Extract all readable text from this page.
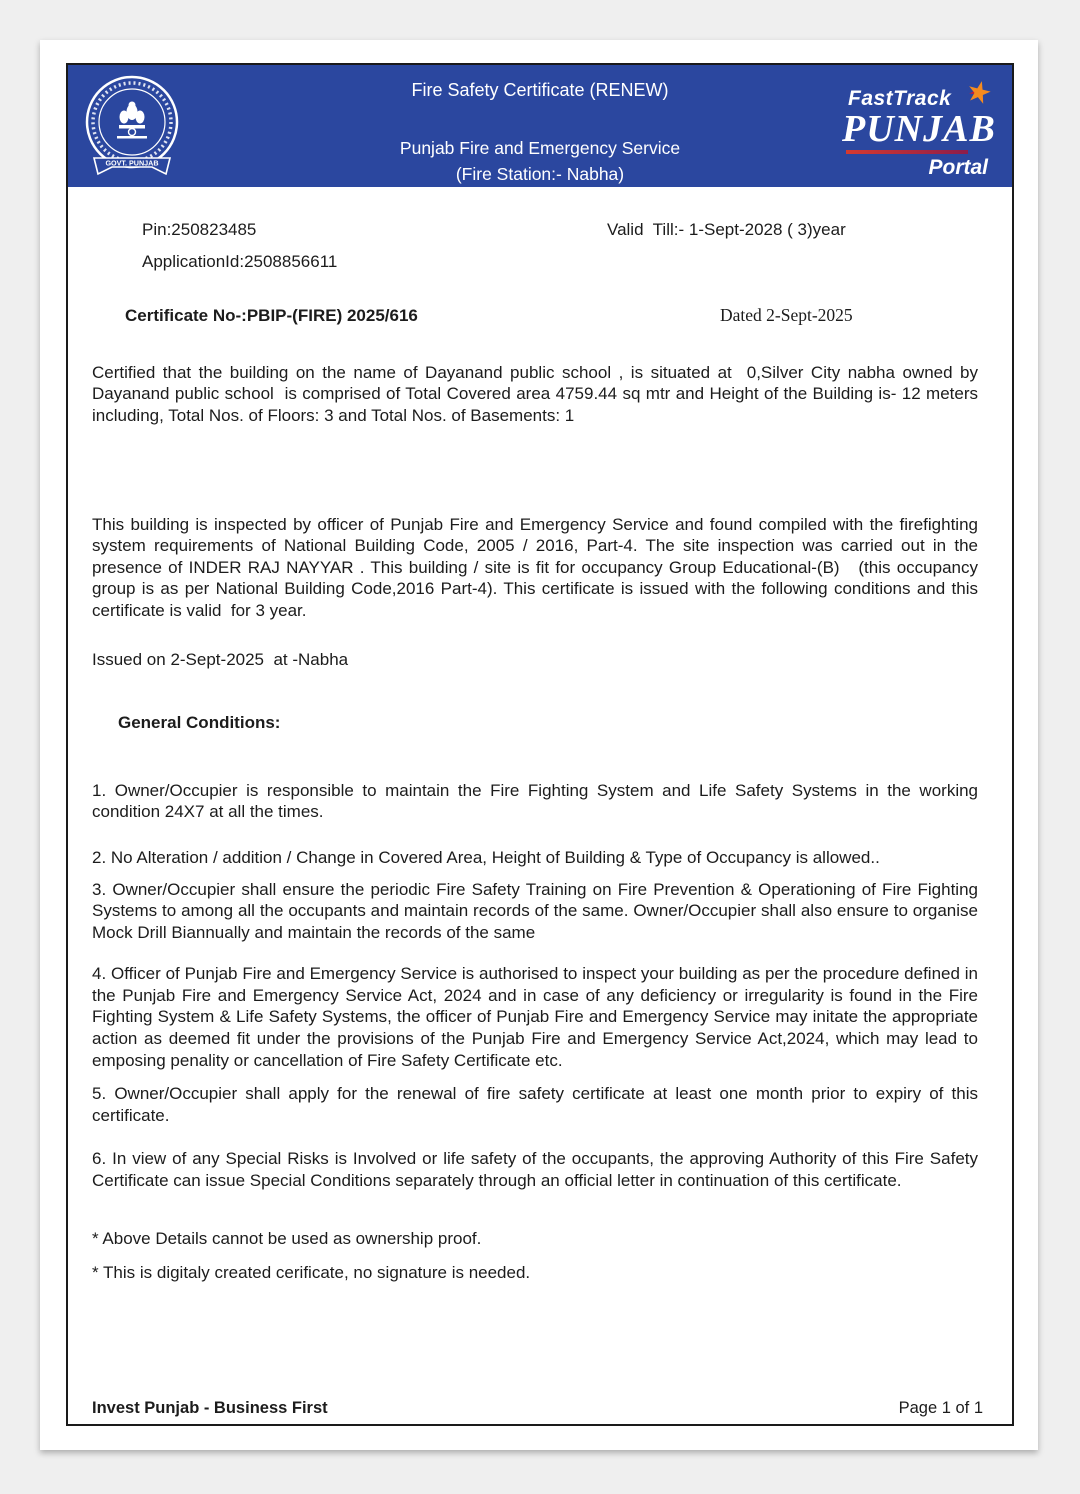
GOVT. PUNJAB
Fire Safety Certificate (RENEW)
Punjab Fire and Emergency Service
(Fire Station:- Nabha)
FastTrack
PUNJAB
Portal
Pin:250823485	Valid  Till:- 1-Sept-2028 ( 3)year
ApplicationId:2508856611
Certificate No-:PBIP-(FIRE) 2025/616	Dated 2-Sept-2025

Certified that the building on the name of Dayanand public school , is situated at  0,Silver City nabha owned by Dayanand public school  is comprised of Total Covered area 4759.44 sq mtr and Height of the Building is- 12 meters including, Total Nos. of Floors: 3 and Total Nos. of Basements: 1

This building is inspected by officer of Punjab Fire and Emergency Service and found compiled with the firefighting system requirements of National Building Code, 2005 / 2016, Part-4. The site inspection was carried out in the presence of INDER RAJ NAYYAR . This building / site is fit for occupancy Group Educational-(B)   (this occupancy group is as per National Building Code,2016 Part-4). This certificate is issued with the following conditions and this certificate is valid  for 3 year.

Issued on 2-Sept-2025  at -Nabha
General Conditions:

1. Owner/Occupier is responsible to maintain the Fire Fighting System and Life Safety Systems in the working condition 24X7 at all the times.

2. No Alteration / addition / Change in Covered Area, Height of Building & Type of Occupancy is allowed..

3. Owner/Occupier shall ensure the periodic Fire Safety Training on Fire Prevention & Operationing of Fire Fighting Systems to among all the occupants and maintain records of the same. Owner/Occupier shall also ensure to organise Mock Drill Biannually and maintain the records of the same

4. Officer of Punjab Fire and Emergency Service is authorised to inspect your building as per the procedure defined in the Punjab Fire and Emergency Service Act, 2024 and in case of any deficiency or irregularity is found in the Fire Fighting System & Life Safety Systems, the officer of Punjab Fire and Emergency Service may initate the appropriate action as deemed fit under the provisions of the Punjab Fire and Emergency Service Act,2024, which may lead to emposing penality or cancellation of Fire Safety Certificate etc.

5. Owner/Occupier shall apply for the renewal of fire safety certificate at least one month prior to expiry of this certificate.

6. In view of any Special Risks is Involved or life safety of the occupants, the approving Authority of this Fire Safety Certificate can issue Special Conditions separately through an official letter in continuation of this certificate.

* Above Details cannot be used as ownership proof.

* This is digitaly created cerificate, no signature is needed.

Invest Punjab - Business First	Page 1 of 1
